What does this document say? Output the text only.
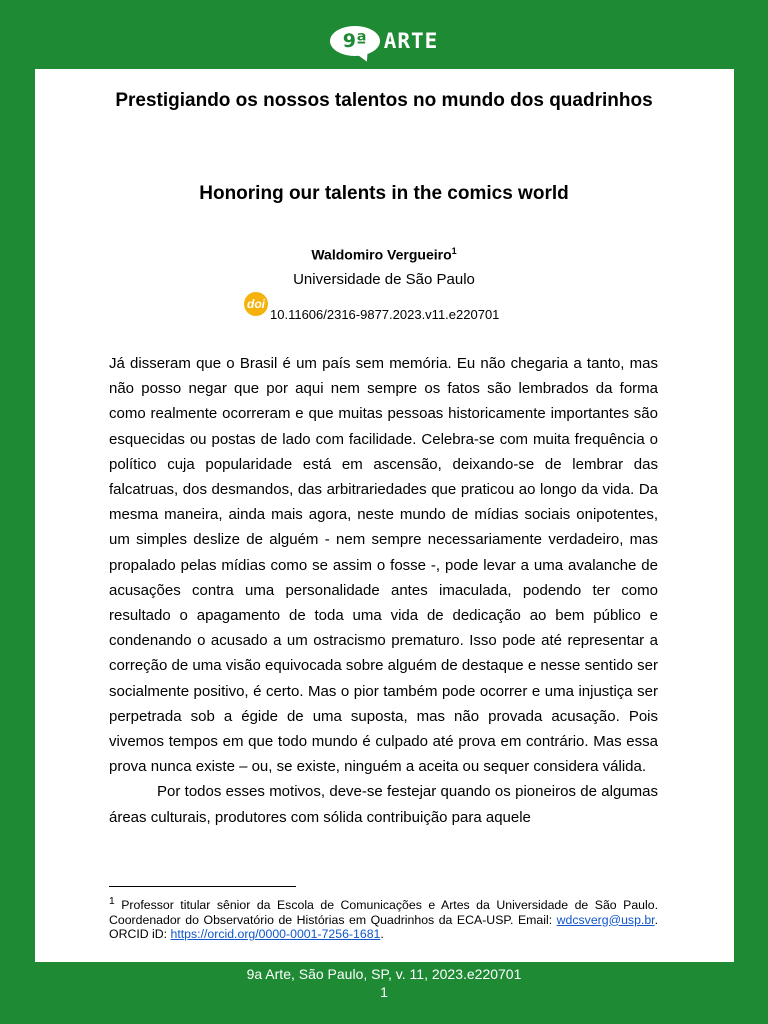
9ª ARTE
Prestigiando os nossos talentos no mundo dos quadrinhos
Honoring our talents in the comics world
Waldomiro Vergueiro$^1$
Universidade de São Paulo
doi
10.11606/2316-9877.2023.v11.e220701

Já disseram que o Brasil é um país sem memória. Eu não chegaria a tanto, mas não posso negar que por aqui nem sempre os fatos são lembrados da forma como realmente ocorreram e que muitas pessoas historicamente importantes são esquecidas ou postas de lado com facilidade. Celebra-se com muita frequência o político cuja popularidade está em ascensão, deixando-se de lembrar das falcatruas, dos desmandos, das arbitrariedades que praticou ao longo da vida. Da mesma maneira, ainda mais agora, neste mundo de mídias sociais onipotentes, um simples deslize de alguém - nem sempre necessariamente verdadeiro, mas propalado pelas mídias como se assim o fosse -, pode levar a uma avalanche de acusações contra uma personalidade antes imaculada, podendo ter como resultado o apagamento de toda uma vida de dedicação ao bem público e condenando o acusado a um ostracismo prematuro. Isso pode até representar a correção de uma visão equivocada sobre alguém de destaque e nesse sentido ser socialmente positivo, é certo. Mas o pior também pode ocorrer e uma injustiça ser perpetrada sob a égide de uma suposta, mas não provada acusação. Pois vivemos tempos em que todo mundo é culpado até prova em contrário. Mas essa prova nunca existe – ou, se existe, ninguém a aceita ou sequer considera válida.

Por todos esses motivos, deve-se festejar quando os pioneiros de algumas áreas culturais, produtores com sólida contribuição para aquele

$^1$ Professor titular sênior da Escola de Comunicações e Artes da Universidade de São Paulo. Coordenador do Observatório de Histórias em Quadrinhos da ECA-USP. Email: wdcsverg@usp.br. ORCID iD: https://orcid.org/0000-0001-7256-1681.
9a Arte, São Paulo, SP, v. 11, 2023.e220701
1
